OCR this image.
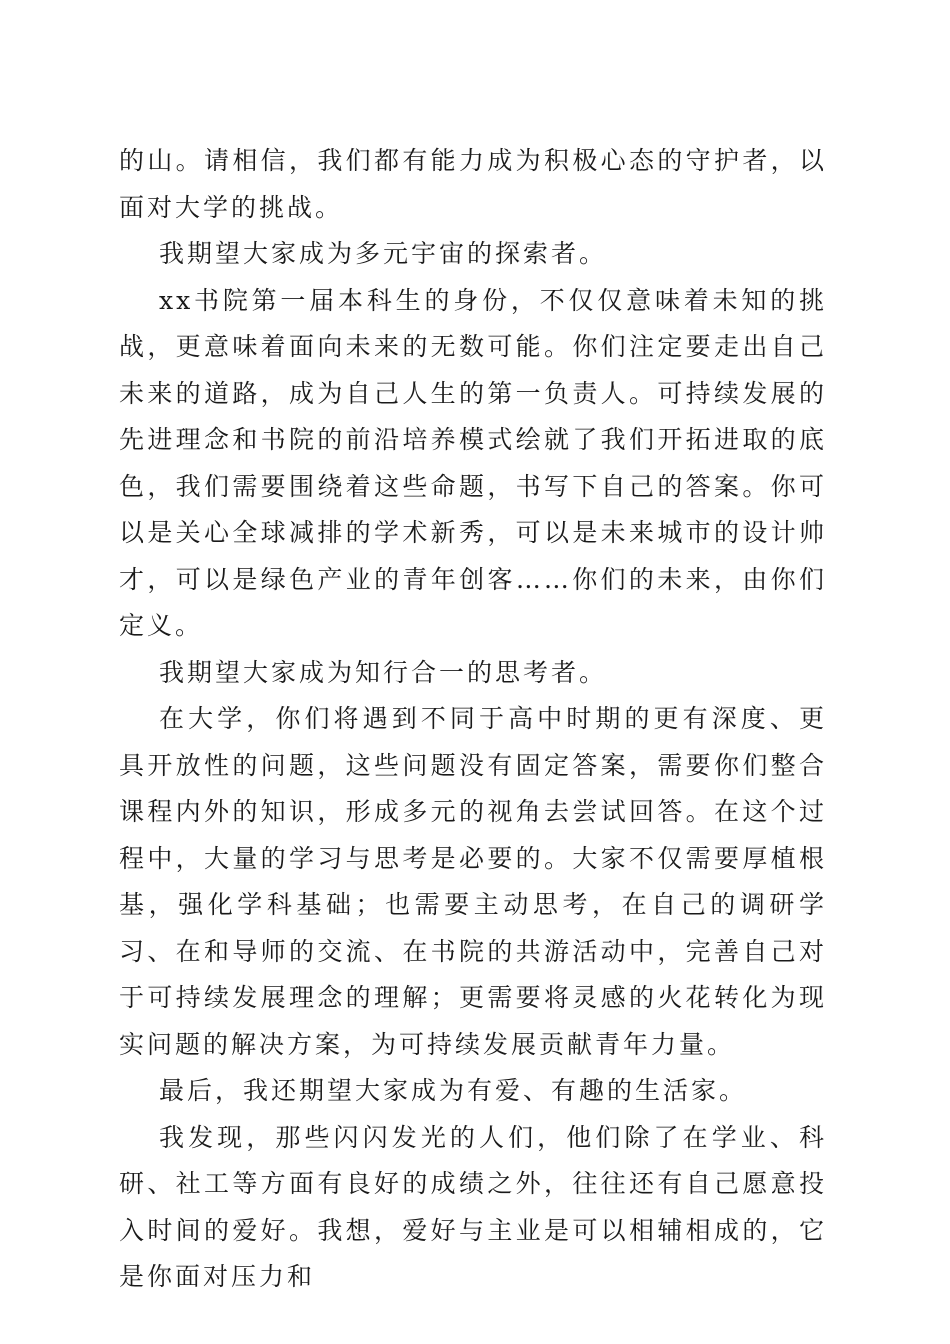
的山。请相信，我们都有能力成为积极心态的守护者，以面对大学的挑战。

我期望大家成为多元宇宙的探索者。

xx书院第一届本科生的身份，不仅仅意味着未知的挑战，更意味着面向未来的无数可能。你们注定要走出自己未来的道路，成为自己人生的第一负责人。可持续发展的先进理念和书院的前沿培养模式绘就了我们开拓进取的底色，我们需要围绕着这些命题，书写下自己的答案。你可以是关心全球减排的学术新秀，可以是未来城市的设计帅才，可以是绿色产业的青年创客……你们的未来，由你们定义。

我期望大家成为知行合一的思考者。

在大学，你们将遇到不同于高中时期的更有深度、更具开放性的问题，这些问题没有固定答案，需要你们整合课程内外的知识，形成多元的视角去尝试回答。在这个过程中，大量的学习与思考是必要的。大家不仅需要厚植根基，强化学科基础；也需要主动思考，在自己的调研学习、在和导师的交流、在书院的共游活动中，完善自己对于可持续发展理念的理解；更需要将灵感的火花转化为现实问题的解决方案，为可持续发展贡献青年力量。

最后，我还期望大家成为有爱、有趣的生活家。

我发现，那些闪闪发光的人们，他们除了在学业、科研、社工等方面有良好的成绩之外，往往还有自己愿意投入时间的爱好。我想，爱好与主业是可以相辅相成的，它是你面对压力和
